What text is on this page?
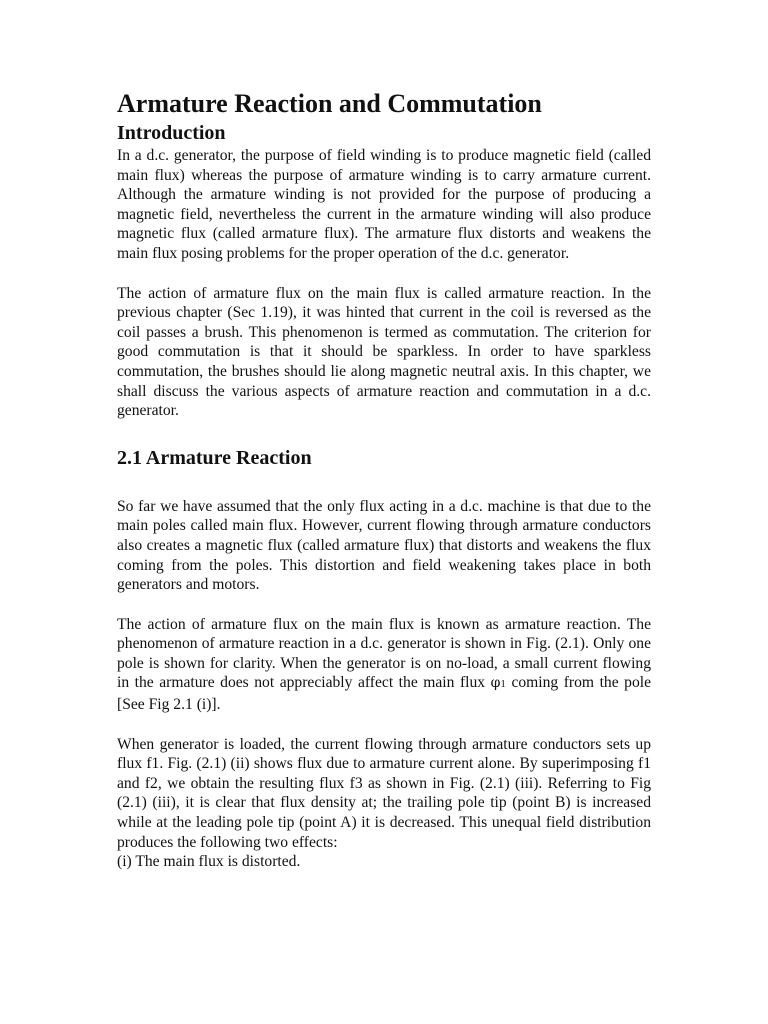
Armature Reaction and Commutation
Introduction

In a d.c. generator, the purpose of field winding is to produce magnetic field (called main flux) whereas the purpose of armature winding is to carry armature current. Although the armature winding is not provided for the purpose of producing a magnetic field, nevertheless the current in the armature winding will also produce magnetic flux (called armature flux). The armature flux distorts and weakens the main flux posing problems for the proper operation of the d.c. generator.

The action of armature flux on the main flux is called armature reaction. In the previous chapter (Sec 1.19), it was hinted that current in the coil is reversed as the coil passes a brush. This phenomenon is termed as commutation. The criterion for good commutation is that it should be sparkless. In order to have sparkless commutation, the brushes should lie along magnetic neutral axis. In this chapter, we shall discuss the various aspects of armature reaction and commutation in a d.c. generator.

2.1 Armature Reaction

So far we have assumed that the only flux acting in a d.c. machine is that due to the main poles called main flux. However, current flowing through armature conductors also creates a magnetic flux (called armature flux) that distorts and weakens the flux coming from the poles. This distortion and field weakening takes place in both generators and motors.

The action of armature flux on the main flux is known as armature reaction. The phenomenon of armature reaction in a d.c. generator is shown in Fig. (2.1). Only one pole is shown for clarity. When the generator is on no-load, a small current flowing in the armature does not appreciably affect the main flux φ1 coming from the pole [See Fig 2.1 (i)].

When generator is loaded, the current flowing through armature conductors sets up flux f1. Fig. (2.1) (ii) shows flux due to armature current alone. By superimposing f1 and f2, we obtain the resulting flux f3 as shown in Fig. (2.1) (iii). Referring to Fig (2.1) (iii), it is clear that flux density at; the trailing pole tip (point B) is increased while at the leading pole tip (point A) it is decreased. This unequal field distribution produces the following two effects:

(i) The main flux is distorted.
